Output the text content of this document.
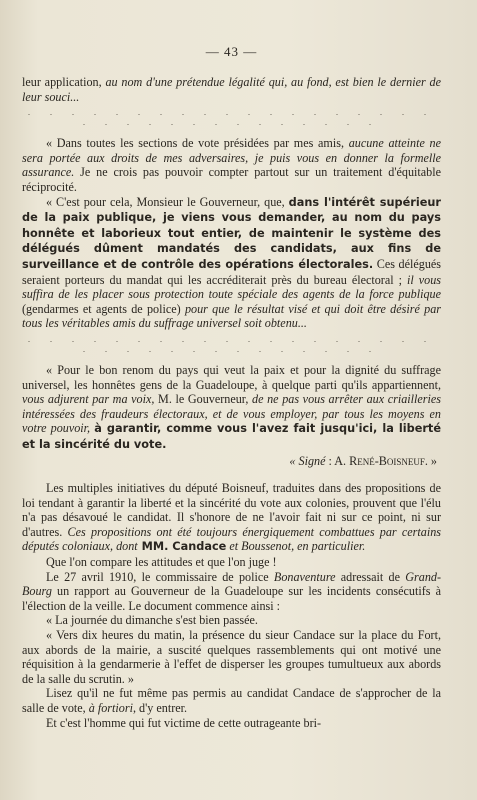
— 43 —

leur application, au nom d'une prétendue légalité qui, au fond, est bien le dernier de leur souci...

. . . . . . . . . . . . . . . . . . . . . . . . . . . . . . . . .

« Dans toutes les sections de vote présidées par mes amis, aucune atteinte ne sera portée aux droits de mes adversaires, je puis vous en donner la formelle assurance. Je ne crois pas pouvoir compter partout sur un traitement d'équitable réciprocité.

« C'est pour cela, Monsieur le Gouverneur, que, dans l'intérêt supérieur de la paix publique, je viens vous demander, au nom du pays honnête et laborieux tout entier, de maintenir le système des délégués dûment mandatés des candidats, aux fins de surveillance et de contrôle des opérations électorales. Ces délégués seraient porteurs du mandat qui les accréditerait près du bureau électoral ; il vous suffira de les placer sous protection toute spéciale des agents de la force publique (gendarmes et agents de police) pour que le résultat visé et qui doit être désiré par tous les véritables amis du suffrage universel soit obtenu...

. . . . . . . . . . . . . . . . . . . . . . . . . . . . . . . . .

« Pour le bon renom du pays qui veut la paix et pour la dignité du suffrage universel, les honnêtes gens de la Guadeloupe, à quelque parti qu'ils appartiennent, vous adjurent par ma voix, M. le Gouverneur, de ne pas vous arrêter aux criailleries intéressées des fraudeurs électoraux, et de vous employer, par tous les moyens en votre pouvoir, à garantir, comme vous l'avez fait jusqu'ici, la liberté et la sincérité du vote.

« Signé : A. René-Boisneuf. »

Les multiples initiatives du député Boisneuf, traduites dans des propositions de loi tendant à garantir la liberté et la sincérité du vote aux colonies, prouvent que l'élu n'a pas désavoué le candidat. Il s'honore de ne l'avoir fait ni sur ce point, ni sur d'autres. Ces propositions ont été toujours énergiquement combattues par certains députés coloniaux, dont MM. Candace et Boussenot, en particulier.

Que l'on compare les attitudes et que l'on juge !

Le 27 avril 1910, le commissaire de police Bonaventure adressait de Grand-Bourg un rapport au Gouverneur de la Guadeloupe sur les incidents consécutifs à l'élection de la veille. Le document commence ainsi :

« La journée du dimanche s'est bien passée.

« Vers dix heures du matin, la présence du sieur Candace sur la place du Fort, aux abords de la mairie, a suscité quelques rassemblements qui ont motivé une réquisition à la gendarmerie à l'effet de disperser les groupes tumultueux aux abords de la salle du scrutin. »

Lisez qu'il ne fut même pas permis au candidat Candace de s'approcher de la salle de vote, à fortiori, d'y entrer.

Et c'est l'homme qui fut victime de cette outrageante bri-
